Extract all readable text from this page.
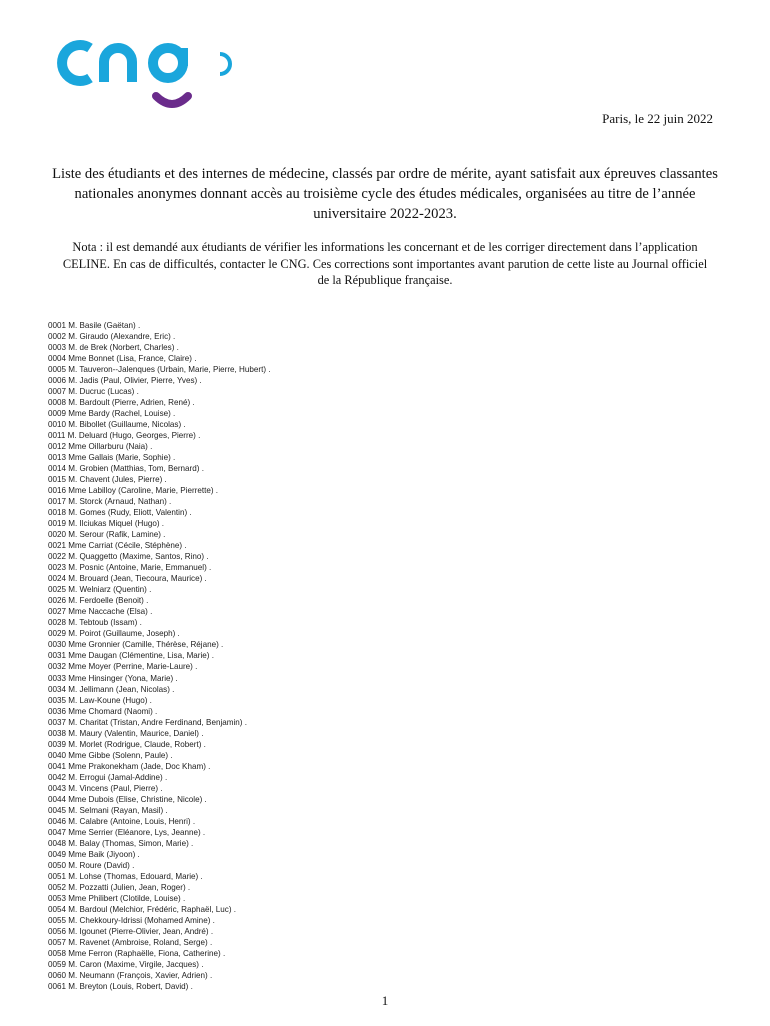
Paris, le 22 juin 2022
Liste des étudiants et des internes de médecine, classés par ordre de mérite, ayant satisfait aux épreuves classantes nationales anonymes donnant accès au troisième cycle des études médicales, organisées au titre de l’année universitaire 2022-2023.
Nota : il est demandé aux étudiants de vérifier les informations les concernant et de les corriger directement dans l’application CELINE. En cas de difficultés, contacter le CNG. Ces corrections sont importantes avant parution de cette liste au Journal officiel de la République française.
0001 M. Basile (Gaëtan) .
0002 M. Giraudo (Alexandre, Eric) .
0003 M. de Brek (Norbert, Charles) .
0004 Mme Bonnet (Lisa, France, Claire) .
0005 M. Tauveron--Jalenques (Urbain, Marie, Pierre, Hubert) .
0006 M. Jadis (Paul, Olivier, Pierre, Yves) .
0007 M. Ducruc (Lucas) .
0008 M. Bardoult (Pierre, Adrien, René) .
0009 Mme Bardy (Rachel, Louise) .
0010 M. Bibollet (Guillaume, Nicolas) .
0011 M. Deluard (Hugo, Georges, Pierre) .
0012 Mme Oillarburu (Naia) .
0013 Mme Gallais (Marie, Sophie) .
0014 M. Grobien (Matthias, Tom, Bernard) .
0015 M. Chavent (Jules, Pierre) .
0016 Mme Labilloy (Caroline, Marie, Pierrette) .
0017 M. Storck (Arnaud, Nathan) .
0018 M. Gomes (Rudy, Eliott, Valentin) .
0019 M. Ilciukas Miquel (Hugo) .
0020 M. Serour (Rafik, Lamine) .
0021 Mme Carriat (Cécile, Stéphène) .
0022 M. Quaggetto (Maxime, Santos, Rino) .
0023 M. Posnic (Antoine, Marie, Emmanuel) .
0024 M. Brouard (Jean, Tiecoura, Maurice) .
0025 M. Welniarz (Quentin) .
0026 M. Ferdoelle (Benoit) .
0027 Mme Naccache (Elsa) .
0028 M. Tebtoub (Issam) .
0029 M. Poirot (Guillaume, Joseph) .
0030 Mme Gronnier (Camille, Thérèse, Réjane) .
0031 Mme Daugan (Clémentine, Lisa, Marie) .
0032 Mme Moyer (Perrine, Marie-Laure) .
0033 Mme Hinsinger (Yona, Marie) .
0034 M. Jellimann (Jean, Nicolas) .
0035 M. Law-Koune (Hugo) .
0036 Mme Chomard (Naomi) .
0037 M. Charitat (Tristan, Andre Ferdinand, Benjamin) .
0038 M. Maury (Valentin, Maurice, Daniel) .
0039 M. Morlet (Rodrigue, Claude, Robert) .
0040 Mme Gibbe (Solenn, Paule) .
0041 Mme Prakonekham (Jade, Doc Kham) .
0042 M. Errogui (Jamal-Addine) .
0043 M. Vincens (Paul, Pierre) .
0044 Mme Dubois (Elise, Christine, Nicole) .
0045 M. Selmani (Rayan, Masil) .
0046 M. Calabre (Antoine, Louis, Henri) .
0047 Mme Serrier (Eléanore, Lys, Jeanne) .
0048 M. Balay (Thomas, Simon, Marie) .
0049 Mme Baik (Jiyoon) .
0050 M. Roure (David) .
0051 M. Lohse (Thomas, Edouard, Marie) .
0052 M. Pozzatti (Julien, Jean, Roger) .
0053 Mme Philibert (Clotilde, Louise) .
0054 M. Bardoul (Melchior, Frédéric, Raphaël, Luc) .
0055 M. Chekkoury-Idrissi (Mohamed Amine) .
0056 M. Igounet (Pierre-Olivier, Jean, André) .
0057 M. Ravenet (Ambroise, Roland, Serge) .
0058 Mme Ferron (Raphaëlle, Fiona, Catherine) .
0059 M. Caron (Maxime, Virgile, Jacques) .
0060 M. Neumann (François, Xavier, Adrien) .
0061 M. Breyton (Louis, Robert, David) .
1
